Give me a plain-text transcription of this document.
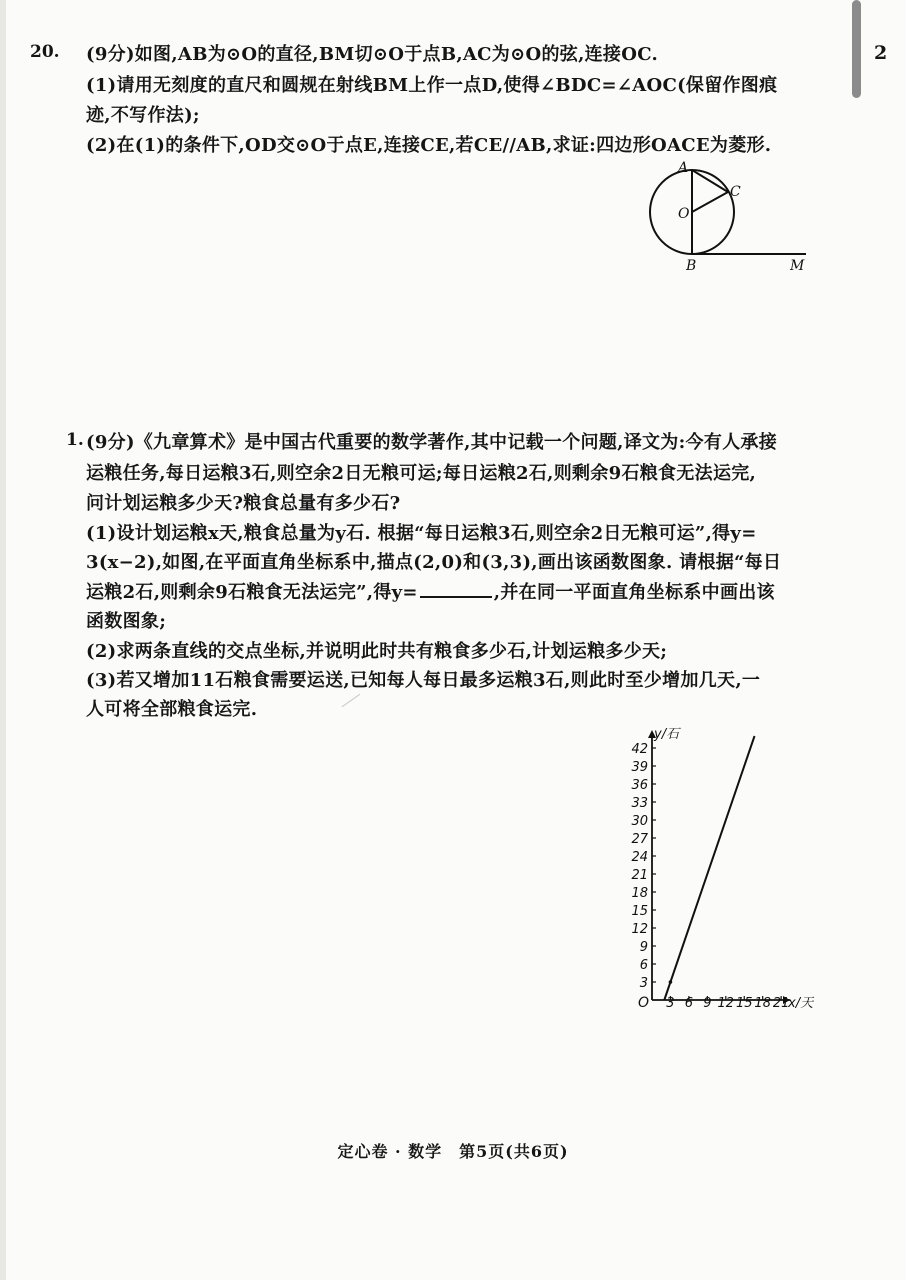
2
20. (9分)如图,AB为⊙O的直径,BM切⊙O于点B,AC为⊙O的弦,连接OC.
(1)请用无刻度的直尺和圆规在射线BM上作一点D,使得∠BDC=∠AOC(保留作图痕
迹,不写作法);
(2)在(1)的条件下,OD交⊙O于点E,连接CE,若CE//AB,求证:四边形OACE为菱形.
A
C
O
B	M
1. (9分)《九章算术》是中国古代重要的数学著作,其中记载一个问题,译文为:今有人承接
运粮任务,每日运粮3石,则空余2日无粮可运;每日运粮2石,则剩余9石粮食无法运完,
问计划运粮多少天?粮食总量有多少石?
(1)设计划运粮x天,粮食总量为y石. 根据“每日运粮3石,则空余2日无粮可运”,得y=
3(x−2),如图,在平面直角坐标系中,描点(2,0)和(3,3),画出该函数图象. 请根据“每日
运粮2石,则剩余9石粮食无法运完”,得y=	,并在同一平面直角坐标系中画出该
函数图象;
(2)求两条直线的交点坐标,并说明此时共有粮食多少石,计划运粮多少天;
(3)若又增加11石粮食需要运送,已知每人每日最多运粮3石,则此时至少增加几天,一
人可将全部粮食运完.
x/天
y/石
O
3
6
9
12
15
18
21
24
27
30
33
36
39
42
3 6 9 12 15 18 21
定心卷 · 数学　第5页(共6页)
